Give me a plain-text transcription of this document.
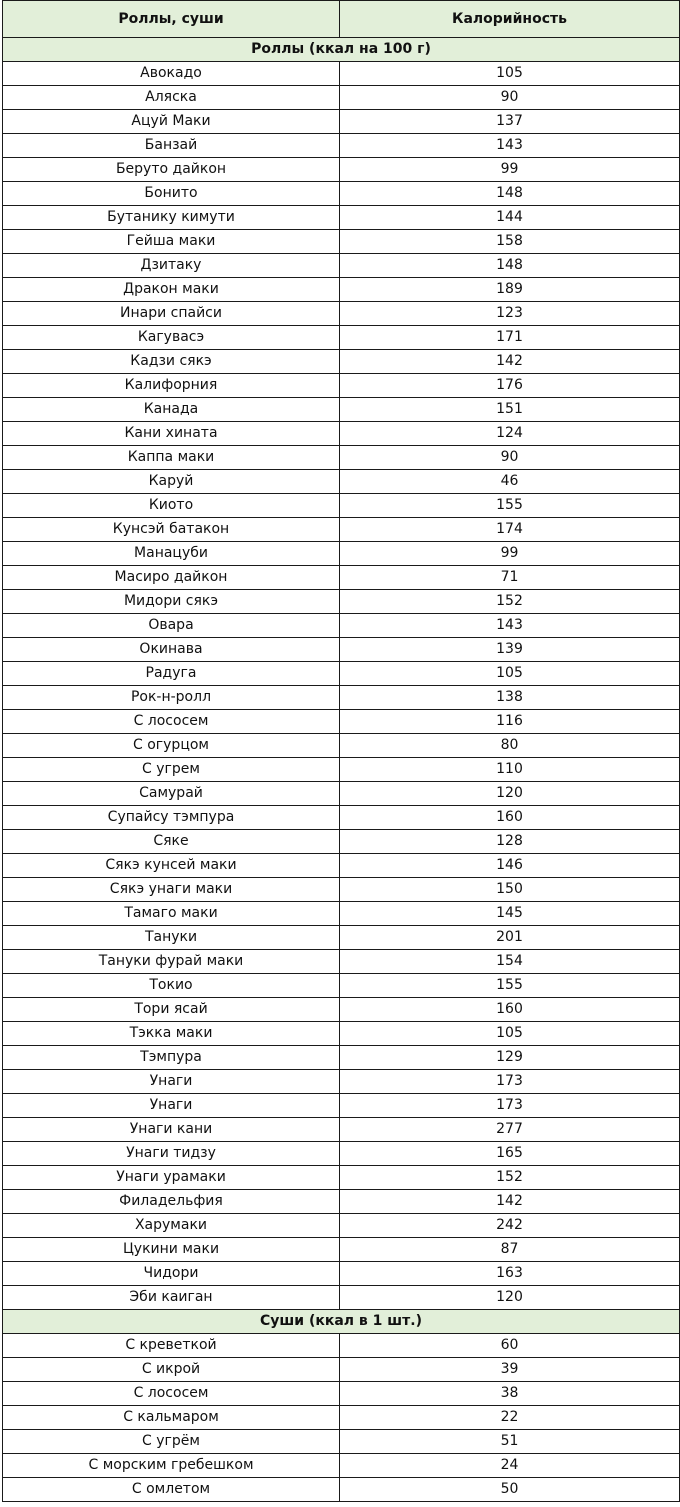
Роллы, суши	Калорийность
Роллы (ккал на 100 г)	
Авокадо	105
Аляска	90
Ацуй Маки	137
Банзай	143
Беруто дайкон	99
Бонито	148
Бутанику кимути	144
Гейша маки	158
Дзитаку	148
Дракон маки	189
Инари спайси	123
Кагувасэ	171
Кадзи сякэ	142
Калифорния	176
Канада	151
Кани хината	124
Каппа маки	90
Каруй	46
Киото	155
Кунсэй батакон	174
Манацуби	99
Масиро дайкон	71
Мидори сякэ	152
Овара	143
Окинава	139
Радуга	105
Рок-н-ролл	138
С лососем	116
С огурцом	80
С угрем	110
Самурай	120
Супайсу тэмпура	160
Сяке	128
Сякэ кунсей маки	146
Сякэ унаги маки	150
Тамаго маки	145
Тануки	201
Тануки фурай маки	154
Токио	155
Тори ясай	160
Тэкка маки	105
Тэмпура	129
Унаги	173
Унаги	173
Унаги кани	277
Унаги тидзу	165
Унаги урамаки	152
Филадельфия	142
Харумаки	242
Цукини маки	87
Чидори	163
Эби каиган	120
Суши (ккал в 1 шт.)	
С креветкой	60
С икрой	39
С лососем	38
С кальмаром	22
С угрём	51
С морским гребешком	24
С омлетом	50
